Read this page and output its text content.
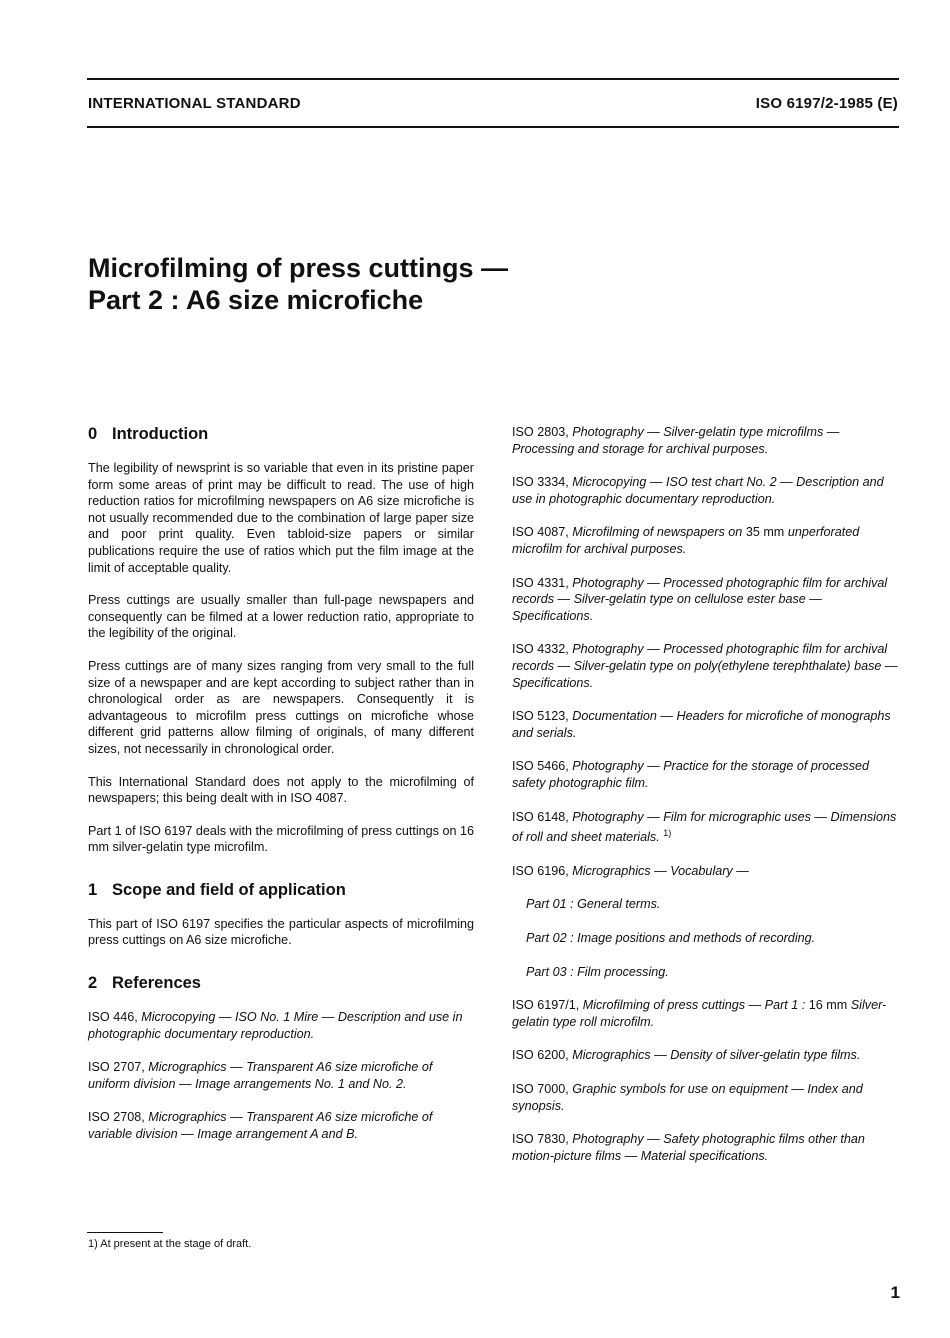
INTERNATIONAL STANDARD	ISO 6197/2-1985 (E)
Microfilming of press cuttings —
Part 2 : A6 size microfiche
0 Introduction

The legibility of newsprint is so variable that even in its pristine paper form some areas of print may be difficult to read. The use of high reduction ratios for microfilming newspapers on A6 size microfiche is not usually recommended due to the combination of large paper size and poor print quality. Even tabloid-size papers or similar publications require the use of ratios which put the film image at the limit of acceptable quality.

Press cuttings are usually smaller than full-page newspapers and consequently can be filmed at a lower reduction ratio, appropriate to the legibility of the original.

Press cuttings are of many sizes ranging from very small to the full size of a newspaper and are kept according to subject rather than in chronological order as are newspapers. Consequently it is advantageous to microfilm press cuttings on microfiche whose different grid patterns allow filming of originals, of many different sizes, not necessarily in chronological order.

This International Standard does not apply to the microfilming of newspapers; this being dealt with in ISO 4087.

Part 1 of ISO 6197 deals with the microfilming of press cuttings on 16 mm silver-gelatin type microfilm.

1 Scope and field of application

This part of ISO 6197 specifies the particular aspects of microfilming press cuttings on A6 size microfiche.

2 References
ISO 446, Microcopying — ISO No. 1 Mire — Description and use in photographic documentary reproduction.
ISO 2707, Micrographics — Transparent A6 size microfiche of uniform division — Image arrangements No. 1 and No. 2.
ISO 2708, Micrographics — Transparent A6 size microfiche of variable division — Image arrangement A and B.
ISO 2803, Photography — Silver-gelatin type microfilms — Processing and storage for archival purposes.
ISO 3334, Microcopying — ISO test chart No. 2 — Description and use in photographic documentary reproduction.
ISO 4087, Microfilming of newspapers on 35 mm unperforated microfilm for archival purposes.
ISO 4331, Photography — Processed photographic film for archival records — Silver-gelatin type on cellulose ester base — Specifications.
ISO 4332, Photography — Processed photographic film for archival records — Silver-gelatin type on poly(ethylene terephthalate) base — Specifications.
ISO 5123, Documentation — Headers for microfiche of monographs and serials.
ISO 5466, Photography — Practice for the storage of processed safety photographic film.
ISO 6148, Photography — Film for micrographic uses — Dimensions of roll and sheet materials. $^{1)}$
ISO 6196, Micrographics — Vocabulary —
Part 01 : General terms.
Part 02 : Image positions and methods of recording.
Part 03 : Film processing.
ISO 6197/1, Microfilming of press cuttings — Part 1 : 16 mm Silver-gelatin type roll microfilm.
ISO 6200, Micrographics — Density of silver-gelatin type films.
ISO 7000, Graphic symbols for use on equipment — Index and synopsis.
ISO 7830, Photography — Safety photographic films other than motion-picture films — Material specifications.
1) At present at the stage of draft.
1
